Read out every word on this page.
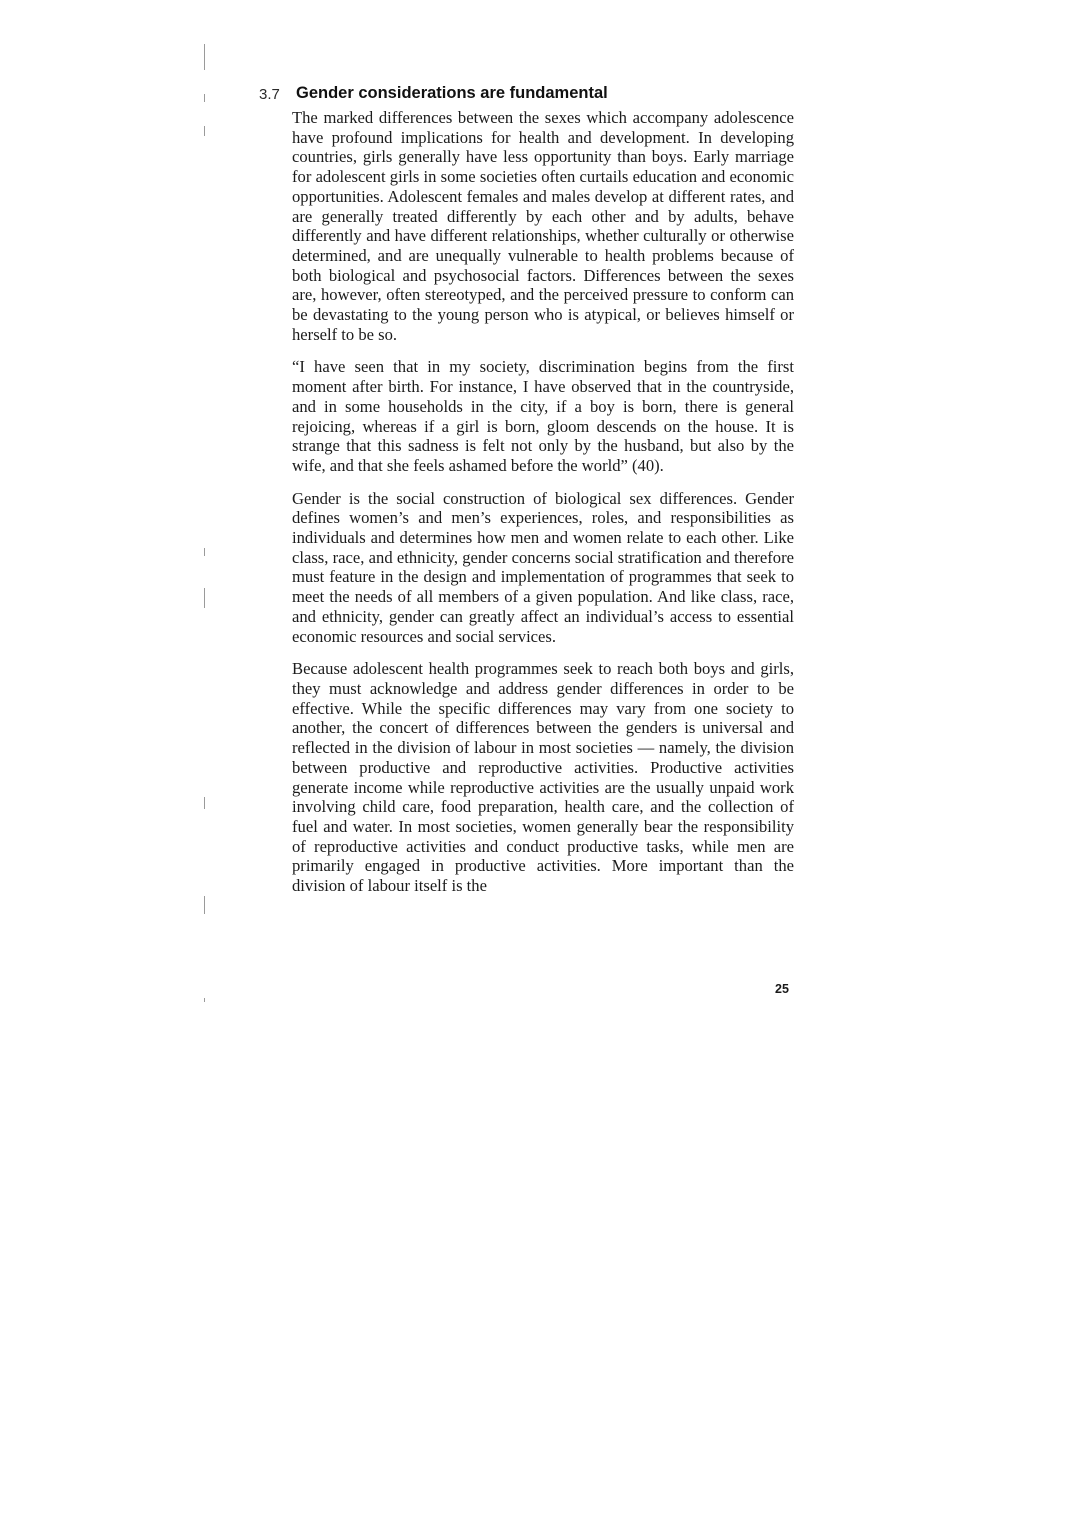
3.7 Gender considerations are fundamental

The marked differences between the sexes which accompany adolescence have profound implications for health and development. In developing countries, girls generally have less opportunity than boys. Early marriage for adolescent girls in some societies often curtails education and economic opportunities. Adolescent females and males develop at different rates, and are generally treated differently by each other and by adults, behave differently and have different relationships, whether culturally or otherwise determined, and are unequally vulnerable to health problems because of both biological and psychosocial factors. Differences between the sexes are, however, often stereotyped, and the perceived pressure to conform can be devastating to the young person who is atypical, or believes himself or herself to be so.

“I have seen that in my society, discrimination begins from the first moment after birth. For instance, I have observed that in the countryside, and in some households in the city, if a boy is born, there is general rejoicing, whereas if a girl is born, gloom descends on the house. It is strange that this sadness is felt not only by the husband, but also by the wife, and that she feels ashamed before the world” (40).

Gender is the social construction of biological sex differences. Gender defines women’s and men’s experiences, roles, and responsibilities as individuals and determines how men and women relate to each other. Like class, race, and ethnicity, gender concerns social stratification and therefore must feature in the design and implementation of programmes that seek to meet the needs of all members of a given population. And like class, race, and ethnicity, gender can greatly affect an individual’s access to essential economic resources and social services.

Because adolescent health programmes seek to reach both boys and girls, they must acknowledge and address gender differences in order to be effective. While the specific differences may vary from one society to another, the concert of differences between the genders is universal and reflected in the division of labour in most societies — namely, the division between productive and reproductive activities. Productive activities generate income while reproductive activities are the usually unpaid work involving child care, food preparation, health care, and the collection of fuel and water. In most societies, women generally bear the responsibility of reproductive activities and conduct productive tasks, while men are primarily engaged in productive activities. More important than the division of labour itself is the

25
